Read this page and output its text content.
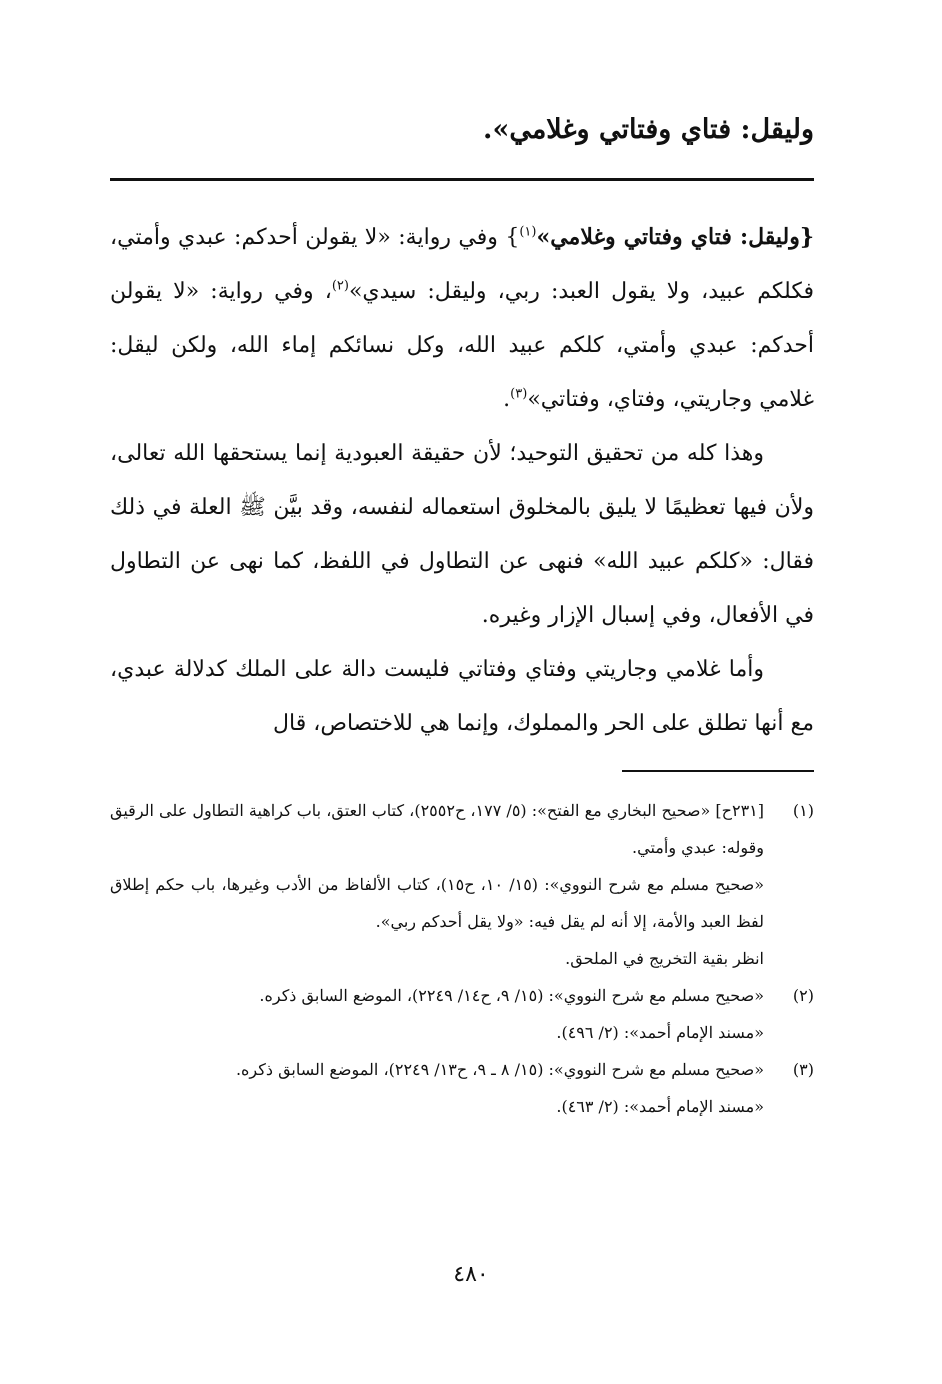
وليقل: فتاي وفتاتي وغلامي».

{وليقل: فتاي وفتاتي وغلامي»$^{(١)}$} وفي رواية: «لا يقولن أحدكم: عبدي وأمتي، فكلكم عبيد، ولا يقول العبد: ربي، وليقل: سيدي»$^{(٢)}$، وفي رواية: «لا يقولن أحدكم: عبدي وأمتي، كلكم عبيد الله، وكل نسائكم إماء الله، ولكن ليقل: غلامي وجاريتي، وفتاي، وفتاتي»$^{(٣)}$.

وهذا كله من تحقيق التوحيد؛ لأن حقيقة العبودية إنما يستحقها الله تعالى، ولأن فيها تعظيمًا لا يليق بالمخلوق استعماله لنفسه، وقد بيَّن ﷺ العلة في ذلك فقال: «كلكم عبيد الله» فنهى عن التطاول في اللفظ، كما نهى عن التطاول في الأفعال، وفي إسبال الإزار وغيره.

وأما غلامي وجاريتي وفتاي وفتاتي فليست دالة على الملك كدلالة عبدي، مع أنها تطلق على الحر والمملوك، وإنما هي للاختصاص، قال

(١)

[٢٣١ح] «صحيح البخاري مع الفتح»: (٥/ ١٧٧، ح٢٥٥٢)، كتاب العتق، باب كراهية التطاول على الرقيق وقوله: عبدي وأمتي.

«صحيح مسلم مع شرح النووي»: (١٥/ ١٠، ح١٥)، كتاب الألفاظ من الأدب وغيرها، باب حكم إطلاق لفظ العبد والأمة، إلا أنه لم يقل فيه: «ولا يقل أحدكم ربي».

انظر بقية التخريج في الملحق.

(٢)

«صحيح مسلم مع شرح النووي»: (١٥/ ٩، ح١٤/ ٢٢٤٩)، الموضع السابق ذكره.

«مسند الإمام أحمد»: (٢/ ٤٩٦).

(٣)

«صحيح مسلم مع شرح النووي»: (١٥/ ٨ ـ ٩، ح١٣/ ٢٢٤٩)، الموضع السابق ذكره.

«مسند الإمام أحمد»: (٢/ ٤٦٣).

٤٨٠
